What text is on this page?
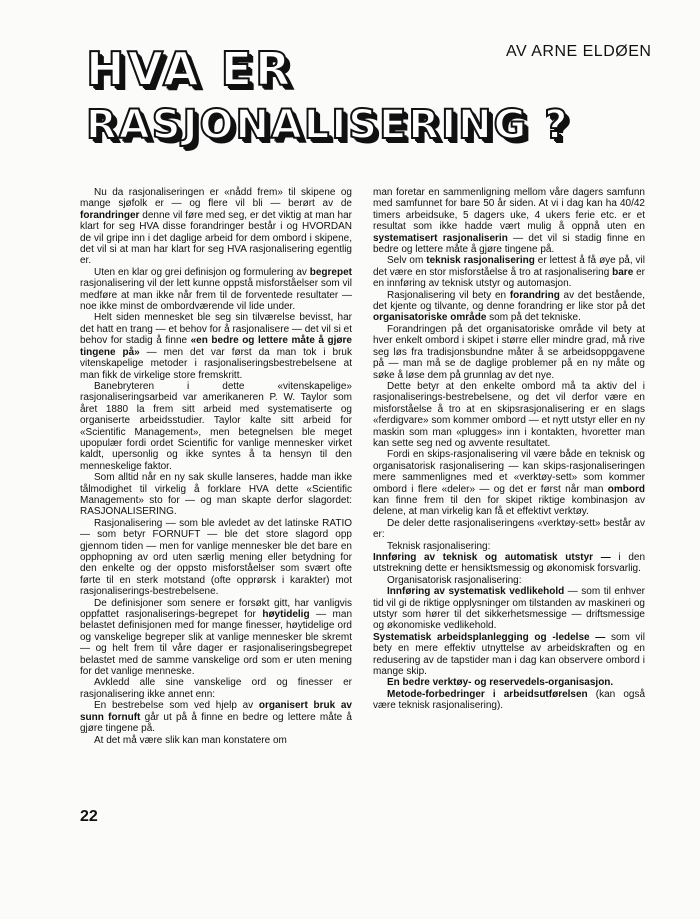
AV ARNE ELDØEN
HVA ER
RASJONALISERING ?

Nu da rasjonaliseringen er «nådd frem» til skipene og mange sjøfolk er — og flere vil bli — berørt av de forandringer denne vil føre med seg, er det viktig at man har klart for seg HVA disse forandringer består i og HVORDAN de vil gripe inn i det daglige arbeid for dem ombord i skipene, det vil si at man har klart for seg HVA rasjonalisering egentlig er.

Uten en klar og grei definisjon og formulering av begrepet rasjonalisering vil der lett kunne oppstå misforståelser som vil medføre at man ikke når frem til de forventede resultater — noe ikke minst de ombordværende vil lide under.

Helt siden mennesket ble seg sin tilværelse bevisst, har det hatt en trang — et behov for å rasjonalisere — det vil si et behov for stadig å finne «en bedre og lettere måte å gjøre tingene på» — men det var først da man tok i bruk vitenskapelige metoder i rasjonaliseringsbestrebelsene at man fikk de virkelige store fremskritt.

Banebryteren i dette «vitenskapelige» rasjonaliseringsarbeid var amerikaneren P. W. Taylor som året 1880 la frem sitt arbeid med systematiserte og organiserte arbeidsstudier. Taylor kalte sitt arbeid for «Scientific Management», men betegnelsen ble meget upopulær fordi ordet Scientific for vanlige mennesker virket kaldt, upersonlig og ikke syntes å ta hensyn til den menneskelige faktor.

Som alltid når en ny sak skulle lanseres, hadde man ikke tålmodighet til virkelig å forklare HVA dette «Scientific Management» sto for — og man skapte derfor slagordet: RASJONALISERING.

Rasjonalisering — som ble avledet av det latinske RATIO — som betyr FORNUFT — ble det store slagord opp gjennom tiden — men for vanlige mennesker ble det bare en opphopning av ord uten særlig mening eller betydning for den enkelte og der oppsto misforståelser som svært ofte førte til en sterk motstand (ofte opprørsk i karakter) mot rasjonaliserings-bestrebelsene.

De definisjoner som senere er forsøkt gitt, har vanligvis oppfattet rasjonaliserings-begrepet for høytidelig — man belastet definisjonen med for mange finesser, høytidelige ord og vanskelige begreper slik at vanlige mennesker ble skremt — og helt frem til våre dager er rasjonaliseringsbegrepet belastet med de samme vanskelige ord som er uten mening for det vanlige menneske.

Avkledd alle sine vanskelige ord og finesser er rasjonalisering ikke annet enn:

En bestrebelse som ved hjelp av organisert bruk av sunn fornuft går ut på å finne en bedre og lettere måte å gjøre tingene på.

At det må være slik kan man konstatere om

man foretar en sammenligning mellom våre dagers samfunn med samfunnet for bare 50 år siden. At vi i dag kan ha 40/42 timers arbeidsuke, 5 dagers uke, 4 ukers ferie etc. er et resultat som ikke hadde vært mulig å oppnå uten en systematisert rasjonaliserin — det vil si stadig finne en bedre og lettere måte å gjøre tingene på.

Selv om teknisk rasjonalisering er lettest å få øye på, vil det være en stor misforståelse å tro at rasjonalisering bare er en innføring av teknisk utstyr og automasjon.

Rasjonalisering vil bety en forandring av det bestående, det kjente og tilvante, og denne forandring er like stor på det organisatoriske område som på det tekniske.

Forandringen på det organisatoriske område vil bety at hver enkelt ombord i skipet i større eller mindre grad, må rive seg løs fra tradisjonsbundne måter å se arbeidsoppgavene på — man må se de daglige problemer på en ny måte og søke å løse dem på grunnlag av det nye.

Dette betyr at den enkelte ombord må ta aktiv del i rasjonaliserings-bestrebelsene, og det vil derfor være en misforståelse å tro at en skipsrasjonalisering er en slags «ferdigvare» som kommer ombord — et nytt utstyr eller en ny maskin som man «plugges» inn i kontakten, hvoretter man kan sette seg ned og avvente resultatet.

Fordi en skips-rasjonalisering vil være både en teknisk og organisatorisk rasjonalisering — kan skips-rasjonaliseringen mere sammenlignes med et «verktøy-sett» som kommer ombord i flere «deler» — og det er først når man ombord kan finne frem til den for skipet riktige kombinasjon av delene, at man virkelig kan få et effektivt verktøy.

De deler dette rasjonaliseringens «verktøy-sett» består av er:

Teknisk rasjonalisering:

Innføring av teknisk og automatisk utstyr — i den utstrekning dette er hensiktsmessig og økonomisk forsvarlig.

Organisatorisk rasjonalisering:

Innføring av systematisk vedlikehold — som til enhver tid vil gi de riktige opplysninger om tilstanden av maskineri og utstyr som hører til det sikkerhetsmessige — driftsmessige og økonomiske vedlikehold.

Systematisk arbeidsplanlegging og -ledelse — som vil bety en mere effektiv utnyttelse av arbeidskraften og en redusering av de tapstider man i dag kan observere ombord i mange skip.

En bedre verktøy- og reservedels-organisasjon.

Metode-forbedringer i arbeidsutførelsen (kan også være teknisk rasjonalisering).

22
